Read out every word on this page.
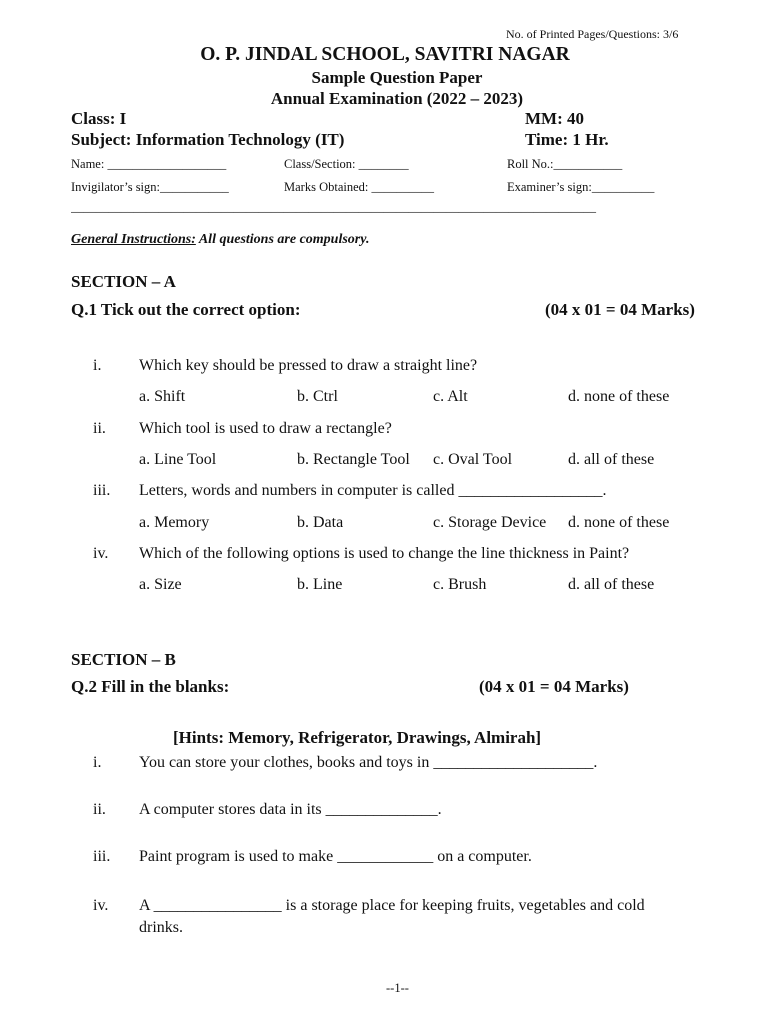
No. of Printed Pages/Questions: 3/6
O. P. JINDAL SCHOOL, SAVITRI NAGAR
Sample Question Paper
Annual Examination (2022 – 2023)
Class: I	MM: 40
Subject: Information Technology (IT)	Time: 1 Hr.
Name: ___________________	Class/Section: ________	Roll No.:___________
Invigilator’s sign:___________	Marks Obtained: __________	Examiner’s sign:__________
____________________________________________________________________________________
General Instructions: All questions are compulsory.
SECTION – A
Q.1 Tick out the correct option:	(04 x 01 = 04 Marks)
i. Which key should be pressed to draw a straight line?
a. Shift	b. Ctrl	c. Alt	d. none of these
ii. Which tool is used to draw a rectangle?
a. Line Tool	b. Rectangle Tool c. Oval Tool	d. all of these
iii. Letters, words and numbers in computer is called __________________.
a. Memory	b. Data	c. Storage Device d. none of these
iv. Which of the following options is used to change the line thickness in Paint?
a. Size	b. Line	c. Brush	d. all of these
SECTION – B
Q.2 Fill in the blanks:	(04 x 01 = 04 Marks)
[Hints: Memory, Refrigerator, Drawings, Almirah]
i. You can store your clothes, books and toys in ____________________.
ii. A computer stores data in its ______________.
iii. Paint program is used to make ____________ on a computer.
iv. A ________________ is a storage place for keeping fruits, vegetables and cold
drinks.
--1--
